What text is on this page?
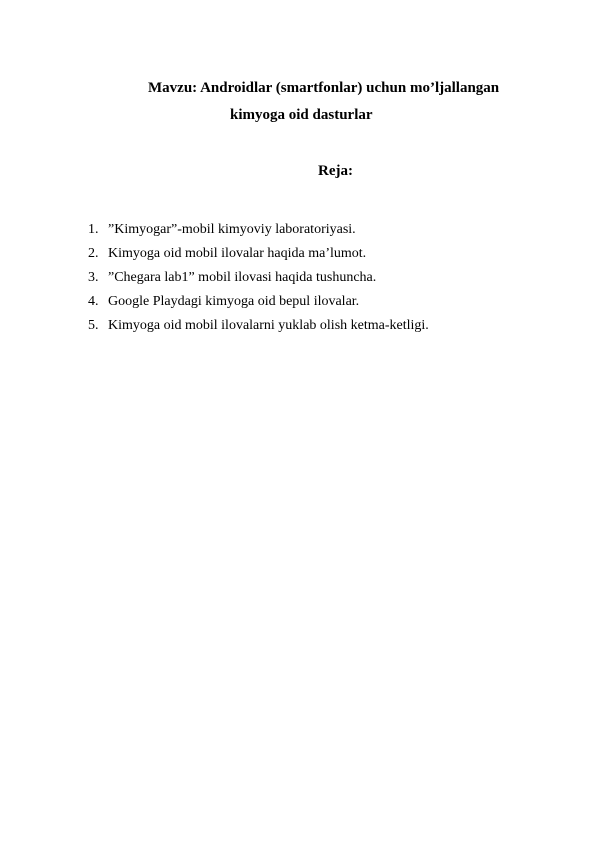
Mavzu: Androidlar (smartfonlar) uchun mo’ljallangan
kimyoga oid dasturlar
Reja:
1. ”Kimyogar”-mobil kimyoviy laboratoriyasi.
2. Kimyoga oid mobil ilovalar haqida ma’lumot.
3. ”Chegara lab1” mobil ilovasi haqida tushuncha.
4. Google Playdagi kimyoga oid bepul ilovalar.
5. Kimyoga oid mobil ilovalarni yuklab olish ketma-ketligi.
